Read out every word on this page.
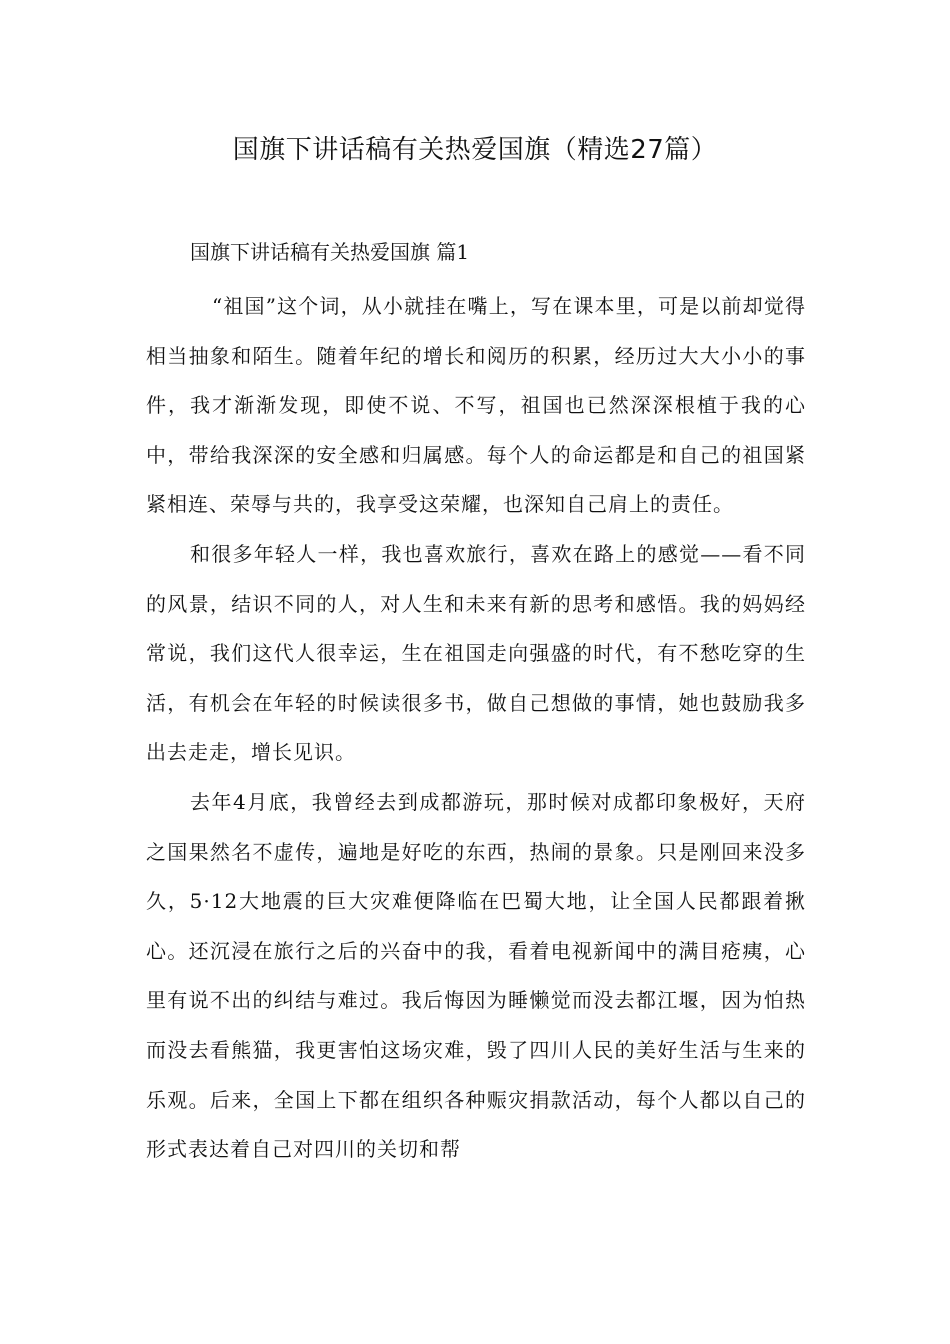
国旗下讲话稿有关热爱国旗（精选27篇）
国旗下讲话稿有关热爱国旗 篇1

“祖国”这个词，从小就挂在嘴上，写在课本里，可是以前却觉得相当抽象和陌生。随着年纪的增长和阅历的积累，经历过大大小小的事件，我才渐渐发现，即使不说、不写，祖国也已然深深根植于我的心中，带给我深深的安全感和归属感。每个人的命运都是和自己的祖国紧紧相连、荣辱与共的，我享受这荣耀，也深知自己肩上的责任。

和很多年轻人一样，我也喜欢旅行，喜欢在路上的感觉——看不同的风景，结识不同的人，对人生和未来有新的思考和感悟。我的妈妈经常说，我们这代人很幸运，生在祖国走向强盛的时代，有不愁吃穿的生活，有机会在年轻的时候读很多书，做自己想做的事情，她也鼓励我多出去走走，增长见识。

去年4月底，我曾经去到成都游玩，那时候对成都印象极好，天府之国果然名不虚传，遍地是好吃的东西，热闹的景象。只是刚回来没多久，5·12大地震的巨大灾难便降临在巴蜀大地，让全国人民都跟着揪心。还沉浸在旅行之后的兴奋中的我，看着电视新闻中的满目疮痍，心里有说不出的纠结与难过。我后悔因为睡懒觉而没去都江堰，因为怕热而没去看熊猫，我更害怕这场灾难，毁了四川人民的美好生活与生来的乐观。后来，全国上下都在组织各种赈灾捐款活动，每个人都以自己的形式表达着自己对四川的关切和帮
